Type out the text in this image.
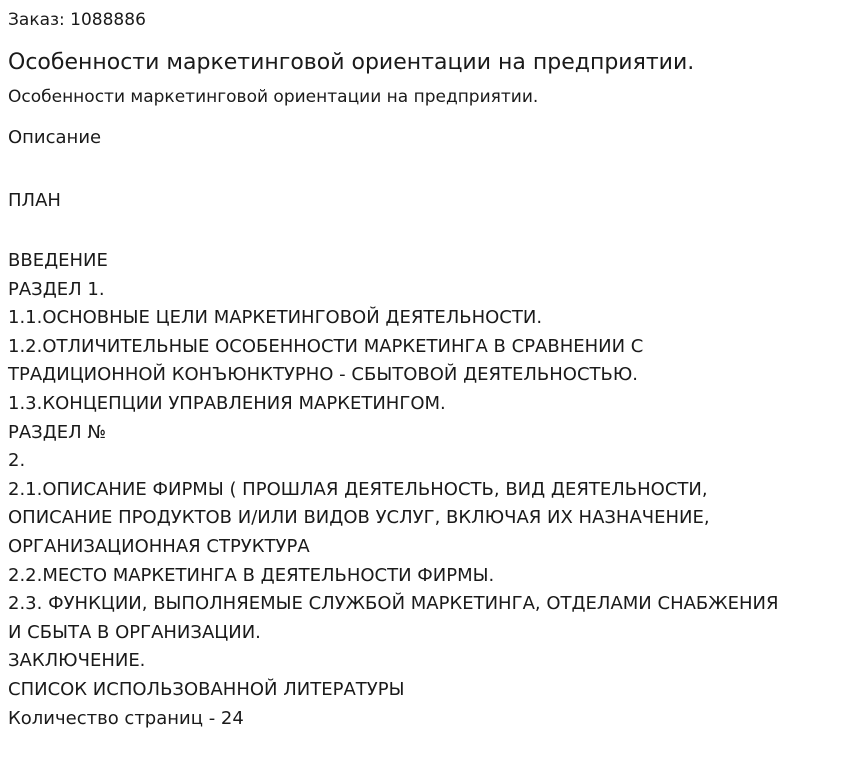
Заказ: 1088886
Особенности маркетинговой ориентации на предприятии.
Особенности маркетинговой ориентации на предприятии.
Описание
ПЛАН
ВВЕДЕНИЕ
РАЗДЕЛ 1.
1.1.ОСНОВНЫЕ ЦЕЛИ МАРКЕТИНГОВОЙ ДЕЯТЕЛЬНОСТИ.
1.2.ОТЛИЧИТЕЛЬНЫЕ ОСОБЕННОСТИ МАРКЕТИНГА В СРАВНЕНИИ С
ТРАДИЦИОННОЙ КОНЪЮНКТУРНО - СБЫТОВОЙ ДЕЯТЕЛЬНОСТЬЮ.
1.3.КОНЦЕПЦИИ УПРАВЛЕНИЯ МАРКЕТИНГОМ.
РАЗДЕЛ №
2.
2.1.ОПИСАНИЕ ФИРМЫ ( ПРОШЛАЯ ДЕЯТЕЛЬНОСТЬ, ВИД ДЕЯТЕЛЬНОСТИ,
ОПИСАНИЕ ПРОДУКТОВ И/ИЛИ ВИДОВ УСЛУГ, ВКЛЮЧАЯ ИХ НАЗНАЧЕНИЕ,
ОРГАНИЗАЦИОННАЯ СТРУКТУРА
2.2.МЕСТО МАРКЕТИНГА В ДЕЯТЕЛЬНОСТИ ФИРМЫ.
2.3. ФУНКЦИИ, ВЫПОЛНЯЕМЫЕ СЛУЖБОЙ МАРКЕТИНГА, ОТДЕЛАМИ СНАБЖЕНИЯ
И СБЫТА В ОРГАНИЗАЦИИ.
ЗАКЛЮЧЕНИЕ.
СПИСОК ИСПОЛЬЗОВАННОЙ ЛИТЕРАТУРЫ
Количество страниц - 24
